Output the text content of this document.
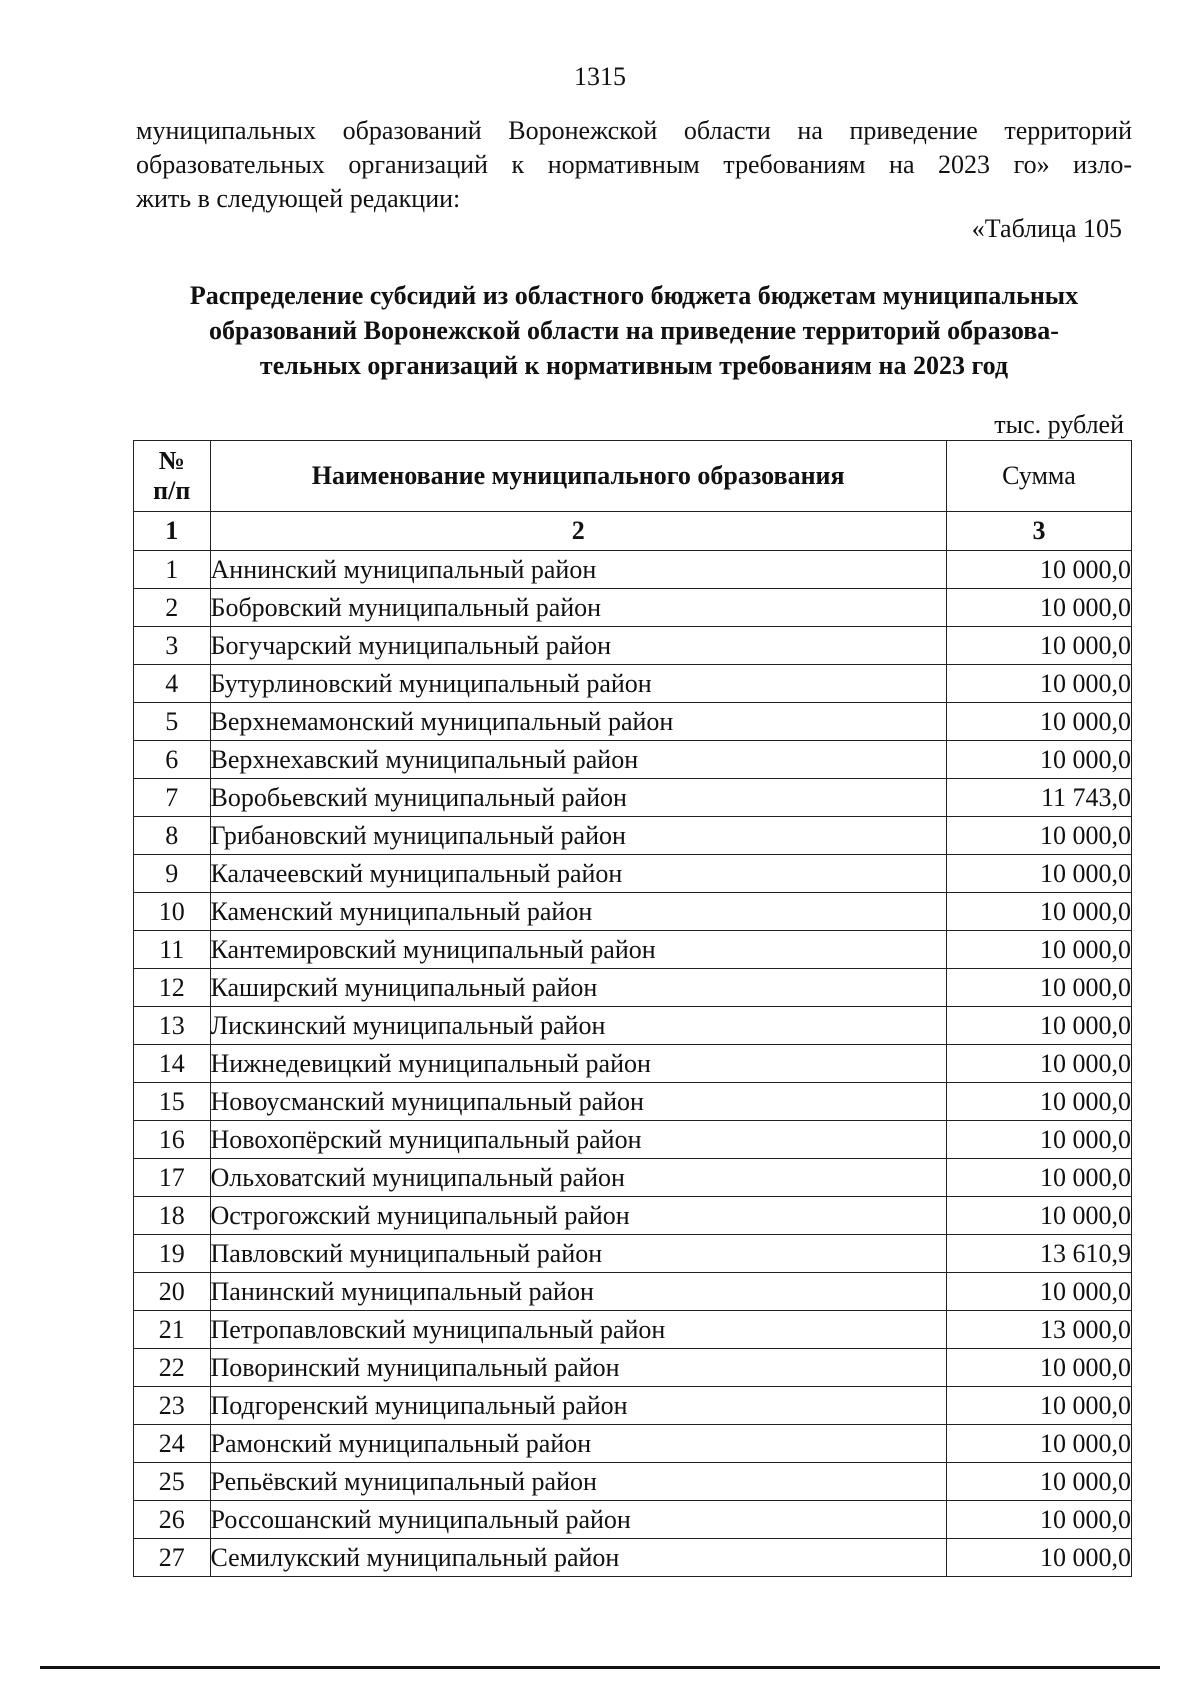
1315
муниципальных образований Воронежской области на приведение территорий
образовательных организаций к нормативным требованиям на 2023 го» изло-
жить в следующей редакции:
«Таблица 105
Распределение субсидий из областного бюджета бюджетам муниципальных
образований Воронежской области на приведение территорий образова-
тельных организаций к нормативным требованиям на 2023 год
тыс. рублей
№
п/п	Наименование муниципального образования	Сумма
1	2	3
1	Аннинский муниципальный район	10 000,0
2	Бобровский муниципальный район	10 000,0
3	Богучарский муниципальный район	10 000,0
4	Бутурлиновский муниципальный район	10 000,0
5	Верхнемамонский муниципальный район	10 000,0
6	Верхнехавский муниципальный район	10 000,0
7	Воробьевский муниципальный район	11 743,0
8	Грибановский муниципальный район	10 000,0
9	Калачеевский муниципальный район	10 000,0
10	Каменский муниципальный район	10 000,0
11	Кантемировский муниципальный район	10 000,0
12	Каширский муниципальный район	10 000,0
13	Лискинский муниципальный район	10 000,0
14	Нижнедевицкий муниципальный район	10 000,0
15	Новоусманский муниципальный район	10 000,0
16	Новохопёрский муниципальный район	10 000,0
17	Ольховатский муниципальный район	10 000,0
18	Острогожский муниципальный район	10 000,0
19	Павловский муниципальный район	13 610,9
20	Панинский муниципальный район	10 000,0
21	Петропавловский муниципальный район	13 000,0
22	Поворинский муниципальный район	10 000,0
23	Подгоренский муниципальный район	10 000,0
24	Рамонский муниципальный район	10 000,0
25	Репьёвский муниципальный район	10 000,0
26	Россошанский муниципальный район	10 000,0
27	Семилукский муниципальный район	10 000,0
